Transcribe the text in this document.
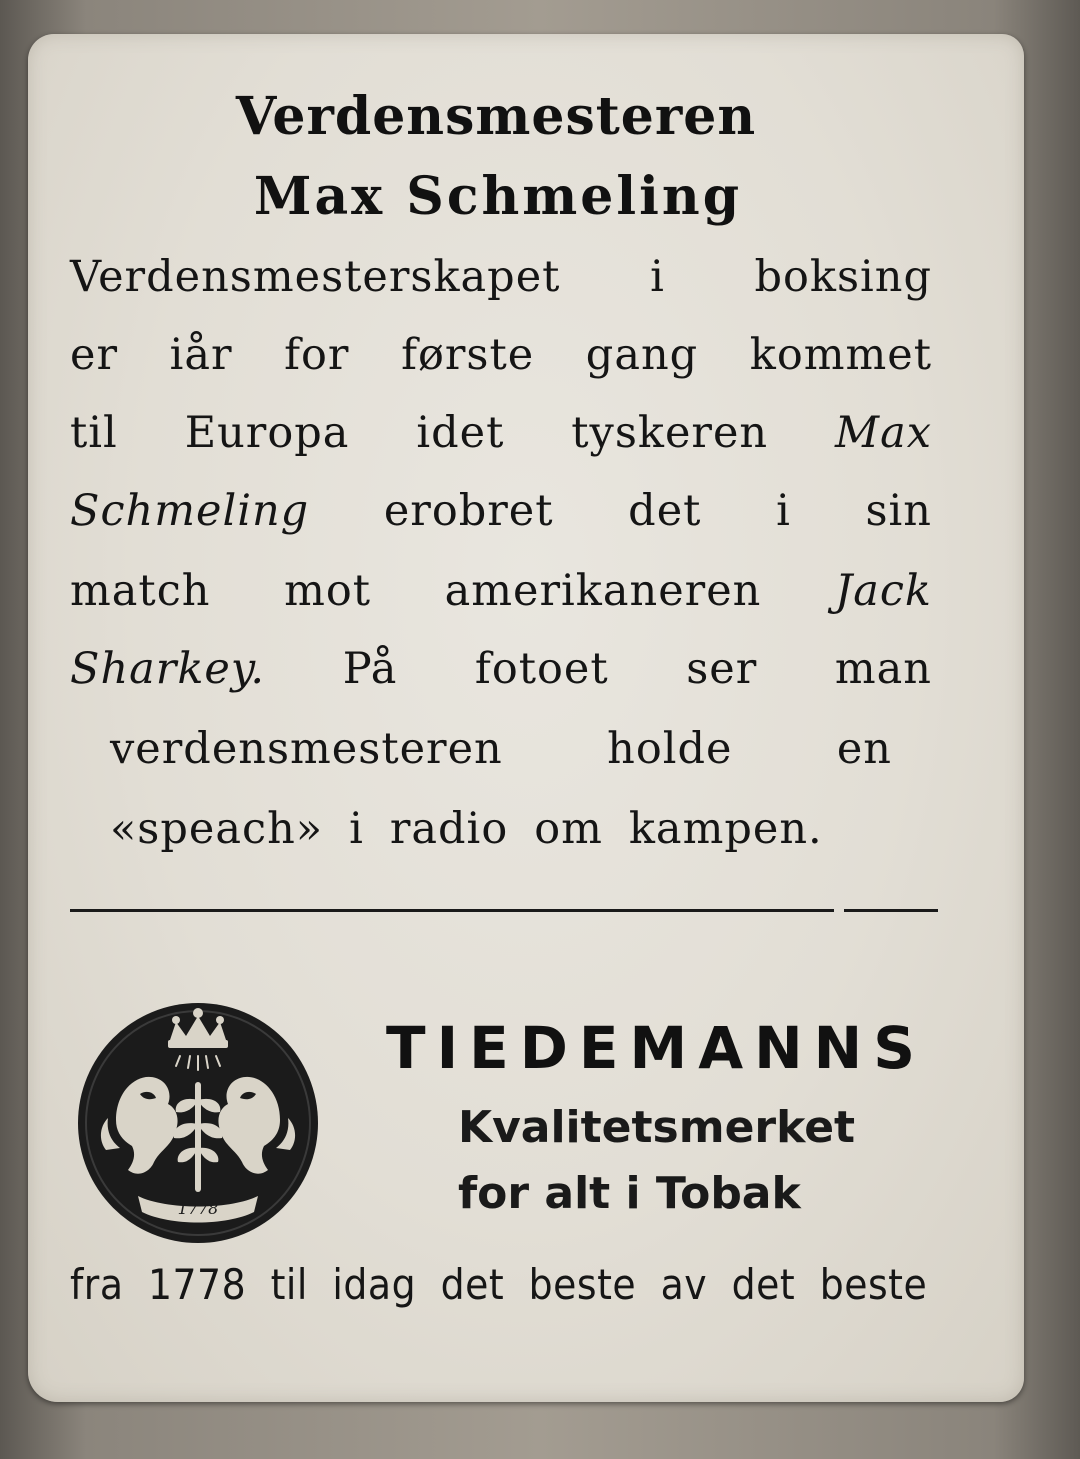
Verdensmesteren
Max Schmeling
Verdensmesterskapet i boksing
er iår for første gang kommet
til Europa idet tyskeren Max
Schmeling erobret det i sin
match mot amerikaneren Jack
Sharkey. På fotoet ser man
verdensmesteren holde en
«speach» i radio om kampen.
1778
TIEDEMANNS
Kvalitetsmerket
for alt i Tobak
fra 1778 til idag det beste av det beste
